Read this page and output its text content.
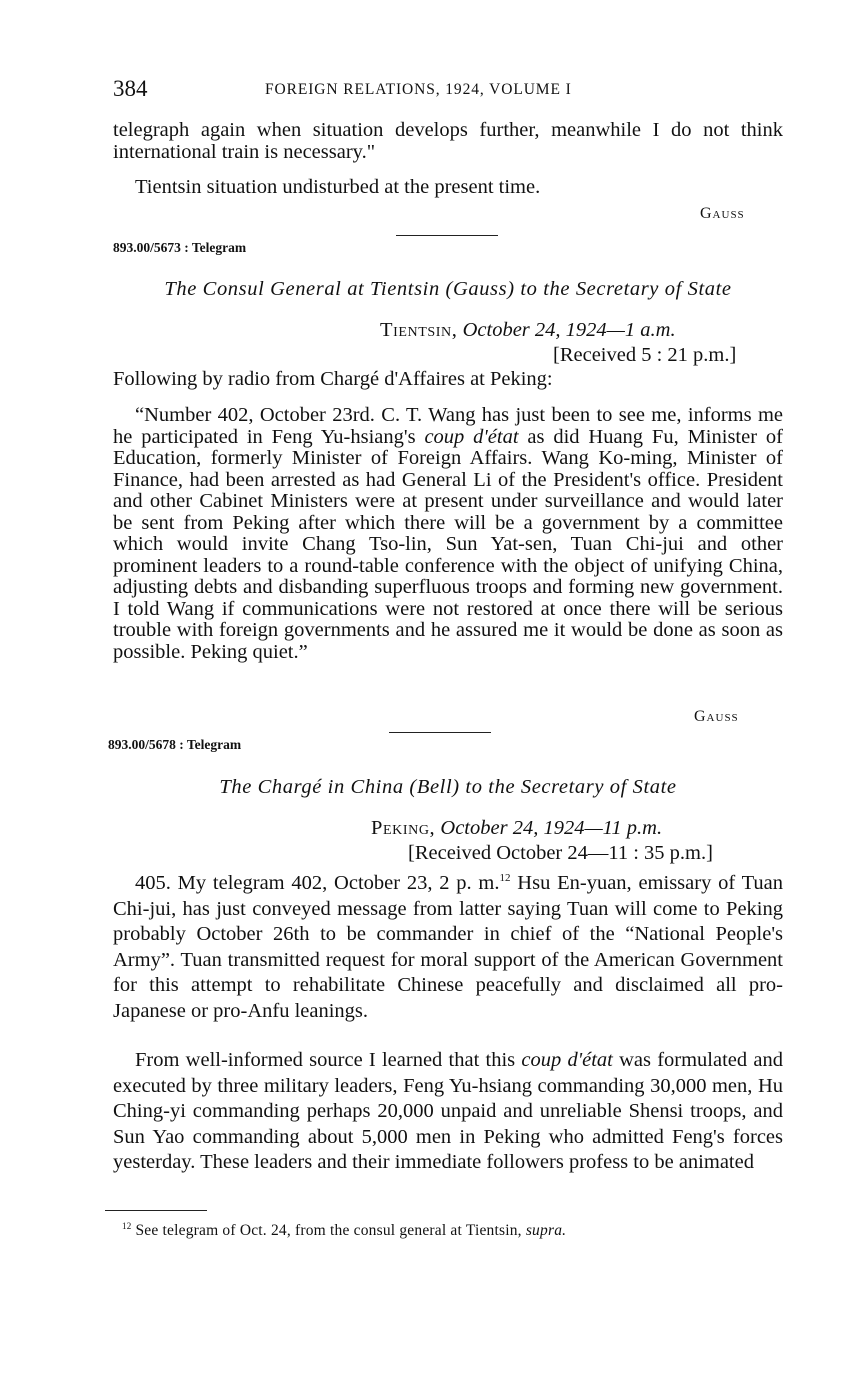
384	FOREIGN RELATIONS, 1924, VOLUME I
telegraph again when situation develops further, meanwhile I do not think international train is necessary."
Tientsin situation undisturbed at the present time.
Gauss
893.00/5673 : Telegram
The Consul General at Tientsin (Gauss) to the Secretary of State
Tientsin, October 24, 1924—1 a.m.
[Received 5 : 21 p.m.]
Following by radio from Chargé d'Affaires at Peking:
“Number 402, October 23rd. C. T. Wang has just been to see me, informs me he participated in Feng Yu-hsiang's coup d'état as did Huang Fu, Minister of Education, formerly Minister of Foreign Affairs. Wang Ko-ming, Minister of Finance, had been arrested as had General Li of the President's office. President and other Cabinet Ministers were at present under surveillance and would later be sent from Peking after which there will be a government by a committee which would invite Chang Tso-lin, Sun Yat-sen, Tuan Chi-jui and other prominent leaders to a round-table conference with the object of unifying China, adjusting debts and disbanding superfluous troops and forming new government. I told Wang if communications were not restored at once there will be serious trouble with foreign governments and he assured me it would be done as soon as possible. Peking quiet.”
Gauss
893.00/5678 : Telegram
The Chargé in China (Bell) to the Secretary of State
Peking, October 24, 1924—11 p.m.
[Received October 24—11 : 35 p.m.]
405. My telegram 402, October 23, 2 p. m.$^{12}$ Hsu En-yuan, emissary of Tuan Chi-jui, has just conveyed message from latter saying Tuan will come to Peking probably October 26th to be commander in chief of the “National People's Army”. Tuan transmitted request for moral support of the American Government for this attempt to rehabilitate Chinese peacefully and disclaimed all pro-Japanese or pro-Anfu leanings.
From well-informed source I learned that this coup d'état was formulated and executed by three military leaders, Feng Yu-hsiang commanding 30,000 men, Hu Ching-yi commanding perhaps 20,000 unpaid and unreliable Shensi troops, and Sun Yao commanding about 5,000 men in Peking who admitted Feng's forces yesterday. These leaders and their immediate followers profess to be animated
$^{12}$ See telegram of Oct. 24, from the consul general at Tientsin, supra.
